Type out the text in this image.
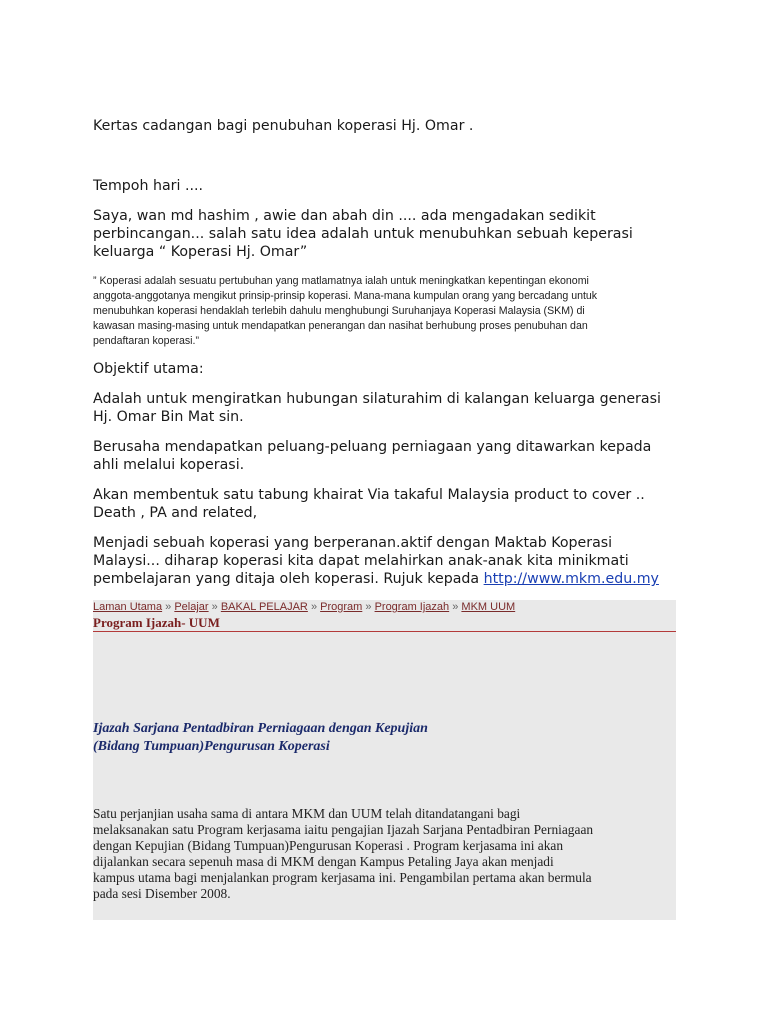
Kertas cadangan bagi penubuhan koperasi Hj. Omar .

Tempoh hari ....

Saya, wan md hashim , awie dan abah din .... ada mengadakan sedikit

perbincangan... salah satu idea adalah untuk menubuhkan sebuah keperasi

keluarga “ Koperasi Hj. Omar”

” Koperasi adalah sesuatu pertubuhan yang matlamatnya ialah untuk meningkatkan kepentingan ekonomi

anggota-anggotanya mengikut prinsip-prinsip koperasi. Mana-mana kumpulan orang yang bercadang untuk

menubuhkan koperasi hendaklah terlebih dahulu menghubungi Suruhanjaya Koperasi Malaysia (SKM) di

kawasan masing-masing untuk mendapatkan penerangan dan nasihat berhubung proses penubuhan dan

pendaftaran koperasi.”

Objektif utama:

Adalah untuk mengiratkan hubungan silaturahim di kalangan keluarga generasi

Hj. Omar Bin Mat sin.

Berusaha mendapatkan peluang-peluang perniagaan yang ditawarkan kepada

ahli melalui koperasi.

Akan membentuk satu tabung khairat Via takaful Malaysia product to cover ..

Death , PA and related,

Menjadi sebuah koperasi yang berperanan.aktif dengan Maktab Koperasi

Malaysi... diharap koperasi kita dapat melahirkan anak-anak kita minikmati

pembelajaran yang ditaja oleh koperasi. Rujuk kepada http://www.mkm.edu.my

Laman Utama » Pelajar » BAKAL PELAJAR » Program » Program Ijazah » MKM UUM
Program Ijazah- UUM

Ijazah Sarjana Pentadbiran Perniagaan dengan Kepujian

(Bidang Tumpuan)Pengurusan Koperasi

Satu perjanjian usaha sama di antara MKM dan UUM telah ditandatangani bagi

melaksanakan satu Program kerjasama iaitu pengajian Ijazah Sarjana Pentadbiran Perniagaan

dengan Kepujian (Bidang Tumpuan)Pengurusan Koperasi . Program kerjasama ini akan

dijalankan secara sepenuh masa di MKM dengan Kampus Petaling Jaya akan menjadi

kampus utama bagi menjalankan program kerjasama ini. Pengambilan pertama akan bermula

pada sesi Disember 2008.
